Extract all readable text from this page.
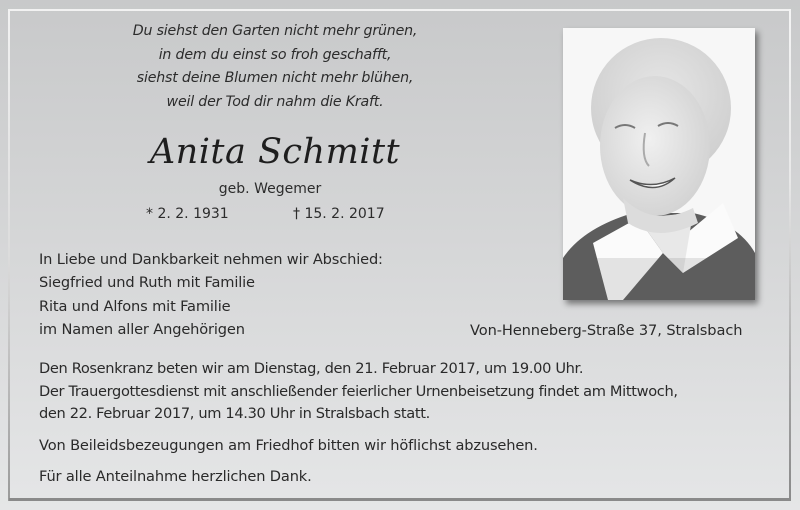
Du siehst den Garten nicht mehr grünen,
in dem du einst so froh geschafft,
siehst deine Blumen nicht mehr blühen,
weil der Tod dir nahm die Kraft.
Anita Schmitt
geb. Wegemer
* 2. 2. 1931	† 15. 2. 2017
In Liebe und Dankbarkeit nehmen wir Abschied:
Siegfried und Ruth mit Familie
Rita und Alfons mit Familie
im Namen aller Angehörigen	Von-Henneberg-Straße 37, Stralsbach
Den Rosenkranz beten wir am Dienstag, den 21. Februar 2017, um 19.00 Uhr.
Der Trauergottesdienst mit anschließender feierlicher Urnenbeisetzung findet am Mittwoch,
den 22. Februar 2017, um 14.30 Uhr in Stralsbach statt.
Von Beileidsbezeugungen am Friedhof bitten wir höflichst abzusehen.
Für alle Anteilnahme herzlichen Dank.
